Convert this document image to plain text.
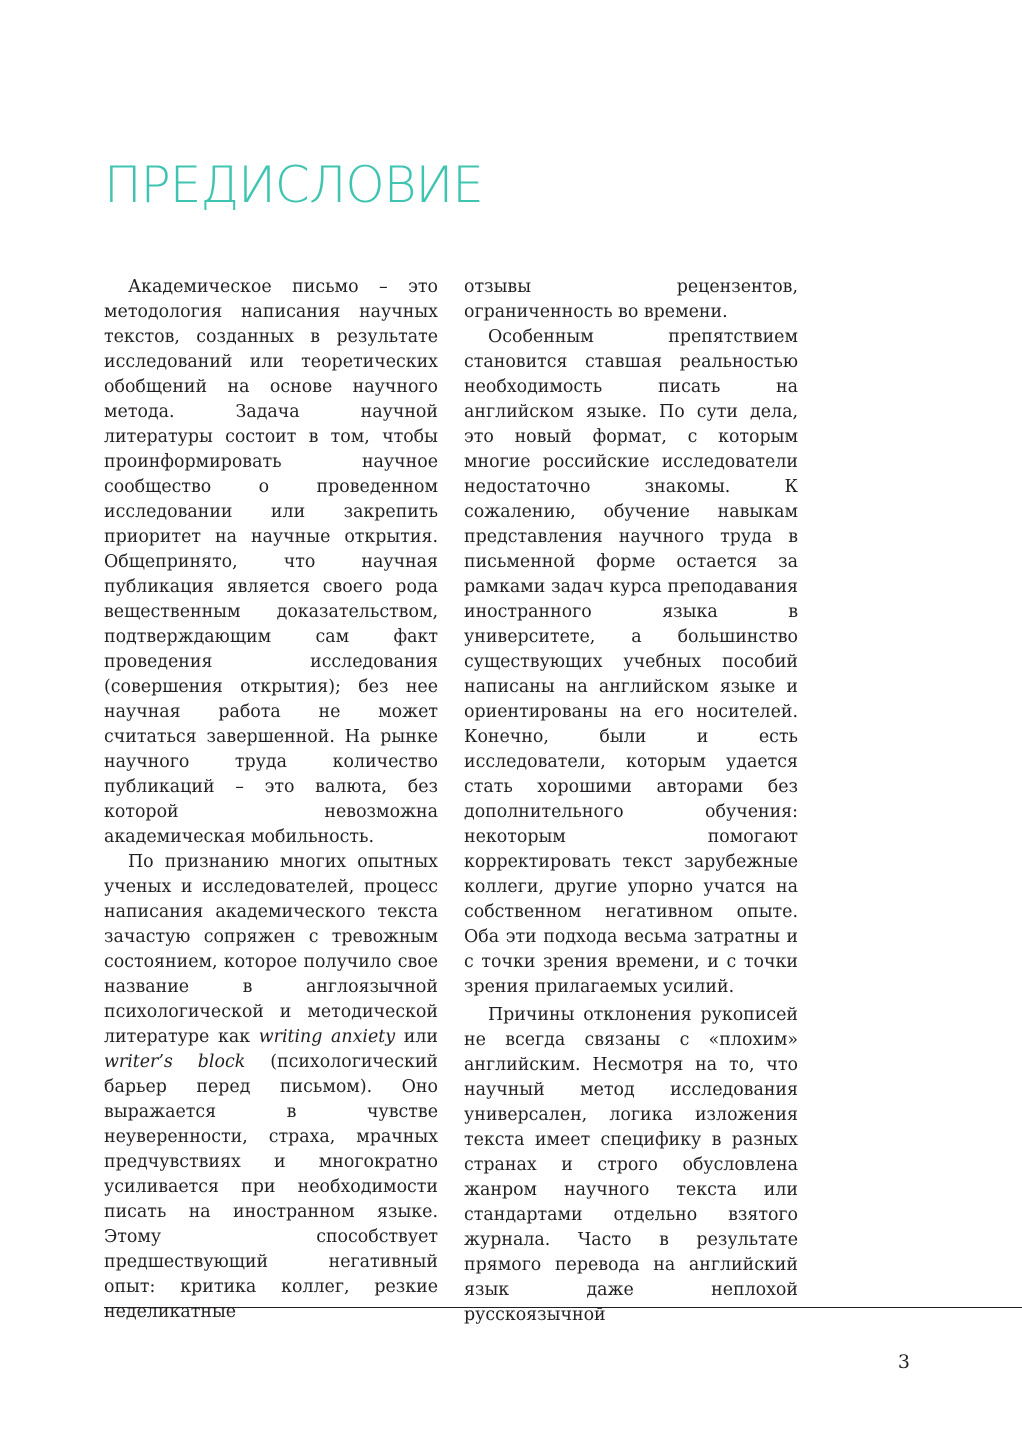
ПРЕДИСЛОВИЕ

Академическое письмо – это методология написания научных текстов, созданных в результате исследований или теоретических обобщений на основе научного метода. Задача научной литературы состоит в том, чтобы проинформировать научное сообщество о проведенном исследовании или закрепить приоритет на научные открытия. Общепринято, что научная публикация является своего рода вещественным доказательством, подтверждающим сам факт проведения исследования (совершения открытия); без нее научная работа не может считаться завершенной. На рынке научного труда количество публикаций – это валюта, без которой невозможна академическая мобильность.

По признанию многих опытных ученых и исследователей, процесс написания академического текста зачастую сопряжен с тревожным состоянием, которое получило свое название в англоязычной психологической и методической литературе как writing anxiety или writer’s block (психологический барьер перед письмом). Оно выражается в чувстве неуверенности, страха, мрачных предчувствиях и многократно усиливается при необходимости писать на иностранном языке. Этому способствует предшествующий негативный опыт: критика коллег, резкие неделикатные

отзывы рецензентов, ограниченность во времени.

Особенным препятствием становится ставшая реальностью необходимость писать на английском языке. По сути дела, это новый формат, с которым многие российские исследователи недостаточно знакомы. К сожалению, обучение навыкам представления научного труда в письменной форме остается за рамками задач курса преподавания иностранного языка в университете, а большинство существующих учебных пособий написаны на английском языке и ориентированы на его носителей. Конечно, были и есть исследователи, которым удается стать хорошими авторами без дополнительного обучения: некоторым помогают корректировать текст зарубежные коллеги, другие упорно учатся на собственном негативном опыте. Оба эти подхода весьма затратны и с точки зрения времени, и с точки зрения прилагаемых усилий.

Причины отклонения рукописей не всегда связаны с «плохим» английским. Несмотря на то, что научный метод исследования универсален, логика изложения текста имеет специфику в разных странах и строго обусловлена жанром научного текста или стандартами отдельно взятого журнала. Часто в результате прямого перевода на английский язык даже неплохой русскоязычной

3
